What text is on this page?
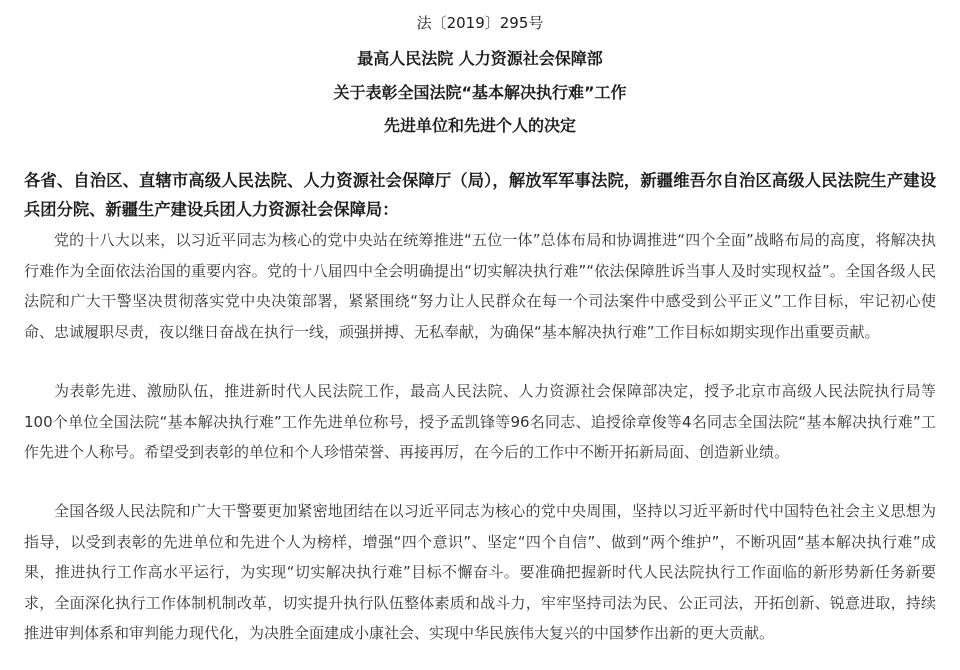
法〔2019〕295号
最高人民法院 人力资源社会保障部
关于表彰全国法院“基本解决执行难”工作
先进单位和先进个人的决定
各省、自治区、直辖市高级人民法院、人力资源社会保障厅（局），解放军军事法院，新疆维吾尔自治区高级人民法院生产建设兵团分院、新疆生产建设兵团人力资源社会保障局：
党的十八大以来，以习近平同志为核心的党中央站在统筹推进“五位一体”总体布局和协调推进“四个全面”战略布局的高度，将解决执行难作为全面依法治国的重要内容。党的十八届四中全会明确提出“切实解决执行难”“依法保障胜诉当事人及时实现权益”。全国各级人民法院和广大干警坚决贯彻落实党中央决策部署，紧紧围绕“努力让人民群众在每一个司法案件中感受到公平正义”工作目标，牢记初心使命、忠诚履职尽责，夜以继日奋战在执行一线，顽强拼搏、无私奉献，为确保“基本解决执行难”工作目标如期实现作出重要贡献。
为表彰先进、激励队伍，推进新时代人民法院工作，最高人民法院、人力资源社会保障部决定，授予北京市高级人民法院执行局等100个单位全国法院“基本解决执行难”工作先进单位称号，授予孟凯锋等96名同志、追授徐章俊等4名同志全国法院“基本解决执行难”工作先进个人称号。希望受到表彰的单位和个人珍惜荣誉、再接再厉，在今后的工作中不断开拓新局面、创造新业绩。
全国各级人民法院和广大干警要更加紧密地团结在以习近平同志为核心的党中央周围，坚持以习近平新时代中国特色社会主义思想为指导，以受到表彰的先进单位和先进个人为榜样，增强“四个意识”、坚定“四个自信”、做到“两个维护”，不断巩固“基本解决执行难”成果，推进执行工作高水平运行，为实现“切实解决执行难”目标不懈奋斗。要准确把握新时代人民法院执行工作面临的新形势新任务新要求，全面深化执行工作体制机制改革，切实提升执行队伍整体素质和战斗力，牢牢坚持司法为民、公正司法，开拓创新、锐意进取，持续推进审判体系和审判能力现代化，为决胜全面建成小康社会、实现中华民族伟大复兴的中国梦作出新的更大贡献。
